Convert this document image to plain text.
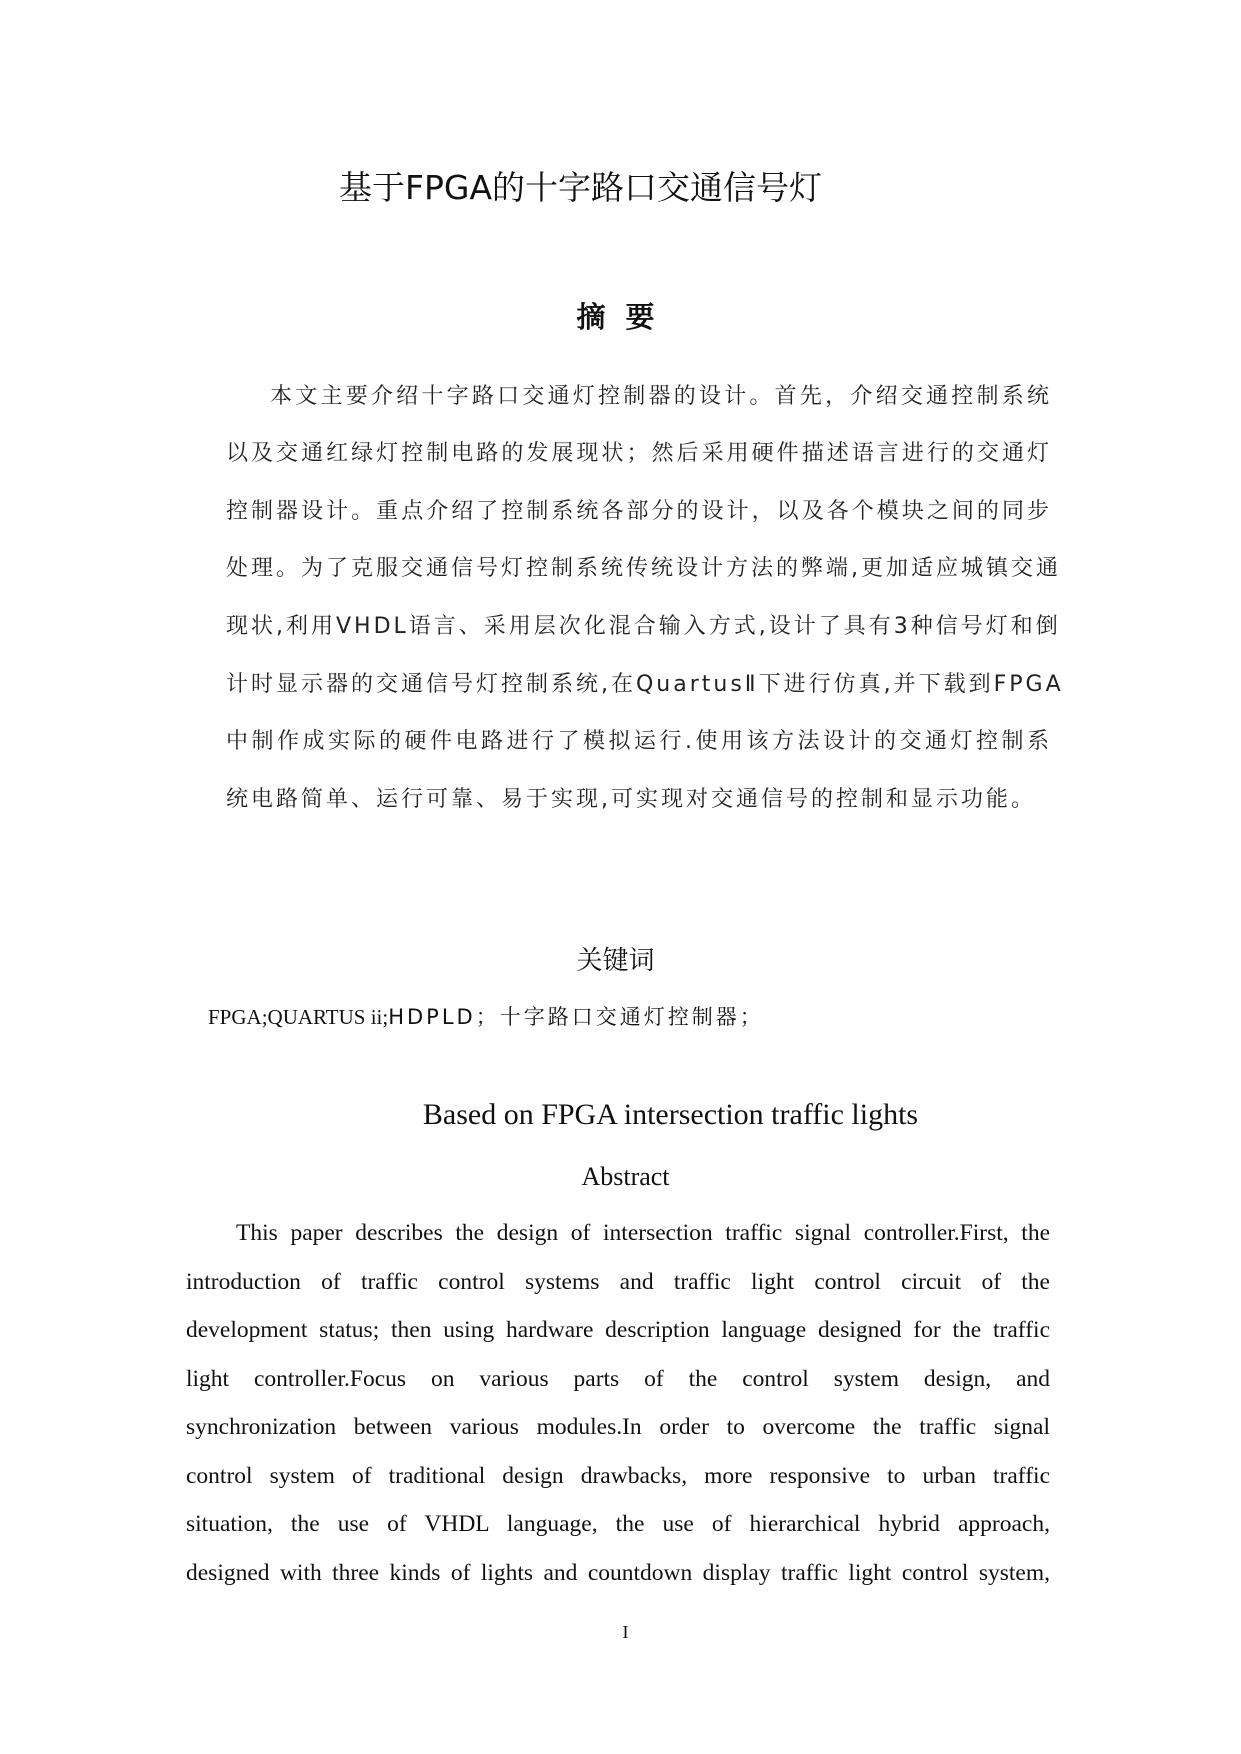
基于FPGA的十字路口交通信号灯
摘 要
本文主要介绍十字路口交通灯控制器的设计。首先，介绍交通控制系统
以及交通红绿灯控制电路的发展现状；然后采用硬件描述语言进行的交通灯
控制器设计。重点介绍了控制系统各部分的设计，以及各个模块之间的同步
处理。为了克服交通信号灯控制系统传统设计方法的弊端,更加适应城镇交通
现状,利用VHDL语言、采用层次化混合输入方式,设计了具有3种信号灯和倒
计时显示器的交通信号灯控制系统,在QuartusⅡ下进行仿真,并下载到FPGA
中制作成实际的硬件电路进行了模拟运行.使用该方法设计的交通灯控制系
统电路简单、运行可靠、易于实现,可实现对交通信号的控制和显示功能。
关键词
FPGA;QUARTUS ii;HDPLD；十字路口交通灯控制器；
Based on FPGA intersection traffic lights
Abstract
This paper describes the design of intersection traffic signal controller.First, the
introduction of traffic control systems and traffic light control circuit of the
development status; then using hardware description language designed for the traffic
light controller.Focus on various parts of the control system design, and
synchronization between various modules.In order to overcome the traffic signal
control system of traditional design drawbacks, more responsive to urban traffic
situation, the use of VHDL language, the use of hierarchical hybrid approach,
designed with three kinds of lights and countdown display traffic light control system,
I
